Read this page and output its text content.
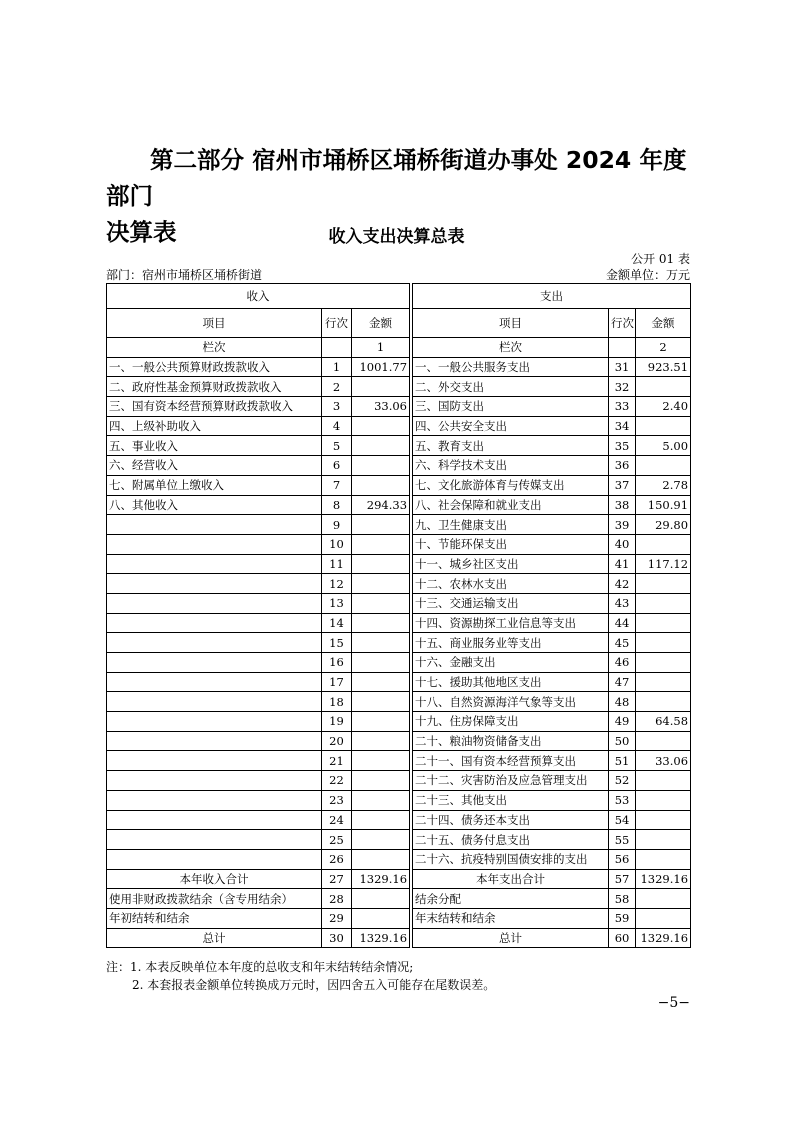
第二部分 宿州市埇桥区埇桥街道办事处 2024 年度部门
决算表	收入支出决算总表
公开 01 表
部门：宿州市埇桥区埇桥街道	金额单位：万元
收入				支出		
项目	行次	金额		项目	行次	金额
栏次		1		栏次		2
一、一般公共预算财政拨款收入	1	1001.77		一、一般公共服务支出	31	923.51
二、政府性基金预算财政拨款收入	2			二、外交支出	32	
三、国有资本经营预算财政拨款收入	3	33.06		三、国防支出	33	2.40
四、上级补助收入	4			四、公共安全支出	34	
五、事业收入	5			五、教育支出	35	5.00
六、经营收入	6			六、科学技术支出	36	
七、附属单位上缴收入	7			七、文化旅游体育与传媒支出	37	2.78
八、其他收入	8	294.33		八、社会保障和就业支出	38	150.91
	9			九、卫生健康支出	39	29.80
	10			十、节能环保支出	40	
	11			十一、城乡社区支出	41	117.12
	12			十二、农林水支出	42	
	13			十三、交通运输支出	43	
	14			十四、资源勘探工业信息等支出	44	
	15			十五、商业服务业等支出	45	
	16			十六、金融支出	46	
	17			十七、援助其他地区支出	47	
	18			十八、自然资源海洋气象等支出	48	
	19			十九、住房保障支出	49	64.58
	20			二十、粮油物资储备支出	50	
	21			二十一、国有资本经营预算支出	51	33.06
	22			二十二、灾害防治及应急管理支出	52	
	23			二十三、其他支出	53	
	24			二十四、债务还本支出	54	
	25			二十五、债务付息支出	55	
	26			二十六、抗疫特别国债安排的支出	56	
本年收入合计	27	1329.16		本年支出合计	57	1329.16
使用非财政拨款结余（含专用结余）	28			结余分配	58	
年初结转和结余	29			年末结转和结余	59	
总计	30	1329.16		总计	60	1329.16
注：1. 本表反映单位本年度的总收支和年末结转结余情况;
2. 本套报表金额单位转换成万元时，因四舍五入可能存在尾数误差。
−5−
